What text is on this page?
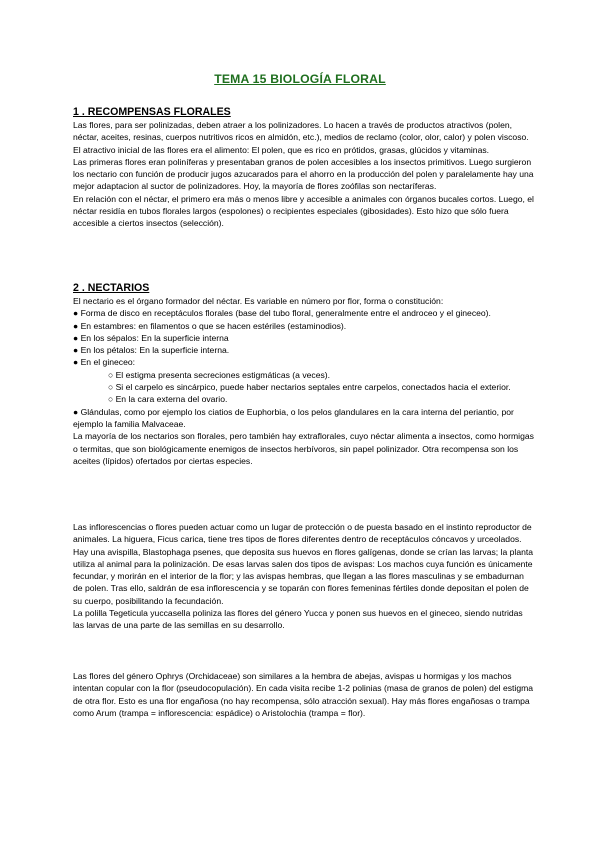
TEMA 15 BIOLOGÍA FLORAL
1 . RECOMPENSAS FLORALES

Las flores, para ser polinizadas, deben atraer a los polinizadores. Lo hacen a través de productos atractivos (polen, néctar, aceites, resinas, cuerpos nutritivos ricos en almidón, etc.), medios de reclamo (color, olor, calor) y polen viscoso. El atractivo inicial de las flores era el alimento: El polen, que es rico en prótidos, grasas, glúcidos y vitaminas.

Las primeras flores eran poliníferas y presentaban granos de polen accesibles a los insectos primitivos. Luego surgieron los nectario con función de producir jugos azucarados para el ahorro en la producción del polen y paralelamente hay una mejor adaptacion al suctor de polinizadores. Hoy, la mayoría de flores zoófilas son nectaríferas.

En relación con el néctar, el primero era más o menos libre y accesible a animales con órganos bucales cortos. Luego, el néctar residía en tubos florales largos (espolones) o recipientes especiales (gibosidades). Esto hizo que sólo fuera accesible a ciertos insectos (selección).

2 . NECTARIOS

El nectario es el órgano formador del néctar. Es variable en número por flor, forma o constitución:

● Forma de disco en receptáculos florales (base del tubo floral, generalmente entre el androceo y el gineceo).

● En estambres: en filamentos o que se hacen estériles (estaminodios).

● En los sépalos: En la superficie interna

● En los pétalos: En la superficie interna.

● En el gineceo:

○ El estigma presenta secreciones estigmáticas (a veces).

○ Si el carpelo es sincárpico, puede haber nectarios septales entre carpelos, conectados hacia el exterior.

○ En la cara externa del ovario.

● Glándulas, como por ejemplo los ciatios de Euphorbia, o los pelos glandulares en la cara interna del periantio, por ejemplo la familia Malvaceae.

La mayoría de los nectarios son florales, pero también hay extraflorales, cuyo néctar alimenta a insectos, como hormigas o termitas, que son biológicamente enemigos de insectos herbívoros, sin papel polinizador. Otra recompensa son los aceites (lípidos) ofertados por ciertas especies.

Las inflorescencias o flores pueden actuar como un lugar de protección o de puesta basado en el instinto reproductor de animales. La higuera, Ficus carica, tiene tres tipos de flores diferentes dentro de receptáculos cóncavos y urceolados.

Hay una avispilla, Blastophaga psenes, que deposita sus huevos en flores galígenas, donde se crían las larvas; la planta utiliza al animal para la polinización. De esas larvas salen dos tipos de avispas: Los machos cuya función es únicamente fecundar, y morirán en el interior de la flor; y las avispas hembras, que llegan a las flores masculinas y se embadurnan de polen. Tras ello, saldrán de esa inflorescencia y se toparán con flores femeninas fértiles donde depositan el polen de su cuerpo, posibilitando la fecundación.

La polilla Tegeticula yuccasella poliniza las flores del género Yucca y ponen sus huevos en el gineceo, siendo nutridas las larvas de una parte de las semillas en su desarrollo.

Las flores del género Ophrys (Orchidaceae) son similares a la hembra de abejas, avispas u hormigas y los machos intentan copular con la flor (pseudocopulación). En cada visita recibe 1-2 polinias (masa de granos de polen) del estigma de otra flor. Esto es una flor engañosa (no hay recompensa, sólo atracción sexual). Hay más flores engañosas o trampa como Arum (trampa = inflorescencia: espádice) o Aristolochia (trampa = flor).
